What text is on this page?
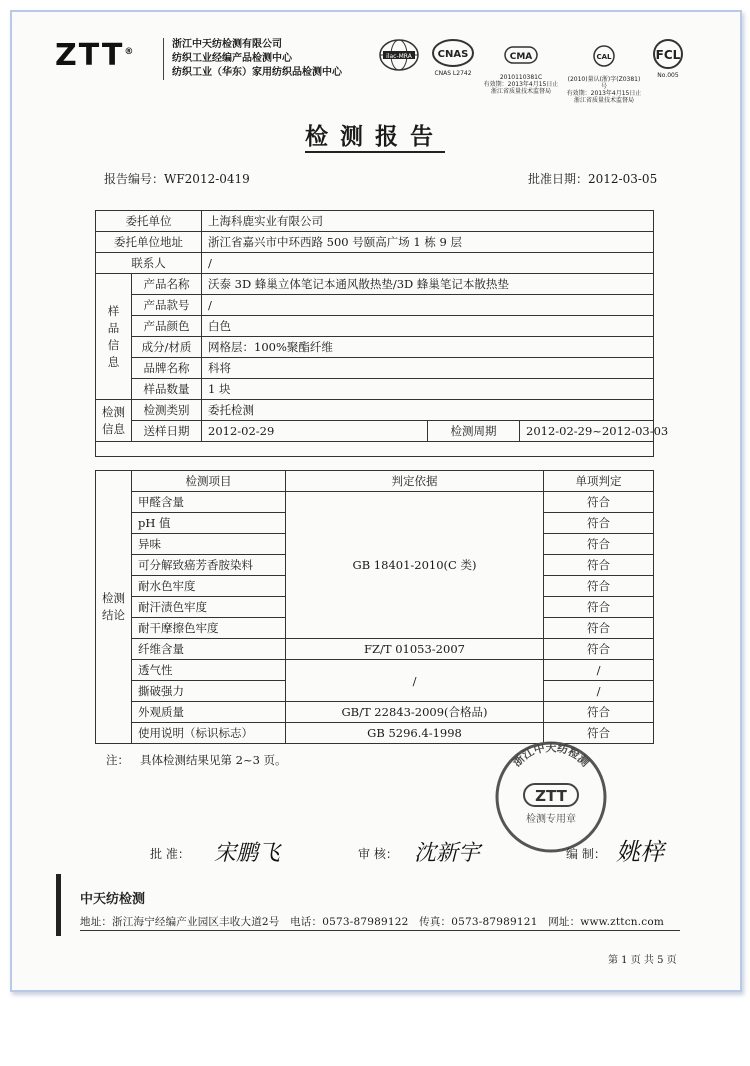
ZTT®
浙江中天纺检测有限公司
纺织工业经编产品检测中心
纺织工业（华东）家用纺织品检测中心
ilac-MRA	CNAS
CNAS L2742

CMA

2010110381C
有效期：2013年4月15日止
浙江省质量技术监督局

CAL

(2010)量认(浙)字(Z0381)号
有效期：2013年4月15日止
浙江省质量技术监督局

FCL
No.005
检测报告
报告编号：WF2012-0419	批准日期：2012-03-05
委托单位		上海科鹿实业有限公司		
委托单位地址		浙江省嘉兴市中环西路 500 号颐高广场 1 栋 9 层		
联系人		/		
样品信息	产品名称	沃泰 3D 蜂巢立体笔记本通风散热垫/3D 蜂巢笔记本散热垫		
	产品款号	/		
	产品颜色	白色		
	成分/材质	网格层：100%聚酯纤维		
	品牌名称	科将		
	样品数量	1 块		
检测信息	检测类别	委托检测		
	送样日期	2012-02-29	检测周期	2012-02-29~2012-03-03

检测结论	检测项目	判定依据	单项判定
	甲醛含量	GB 18401-2010(C 类)	符合
	pH 值		符合
	异味		符合
	可分解致癌芳香胺染料		符合
	耐水色牢度		符合
	耐汗渍色牢度		符合
	耐干摩擦色牢度		符合
	纤维含量	FZ/T 01053-2007	符合
	透气性	/	/
	撕破强力		/
	外观质量	GB/T 22843-2009(合格品)	符合
	使用说明（标识标志）	GB 5296.4-1998	符合
注： 具体检测结果见第 2~3 页。	浙江中天纺检测
ZTT
检测专用章
批 准： 宋鹏飞	审 核： 沈新宇	编 制： 姚梓
中天纺检测
地址：浙江海宁经编产业园区丰收大道2号 电话：0573-87989122 传真：0573-87989121 网址：www.zttcn.com
第 1 页 共 5 页
